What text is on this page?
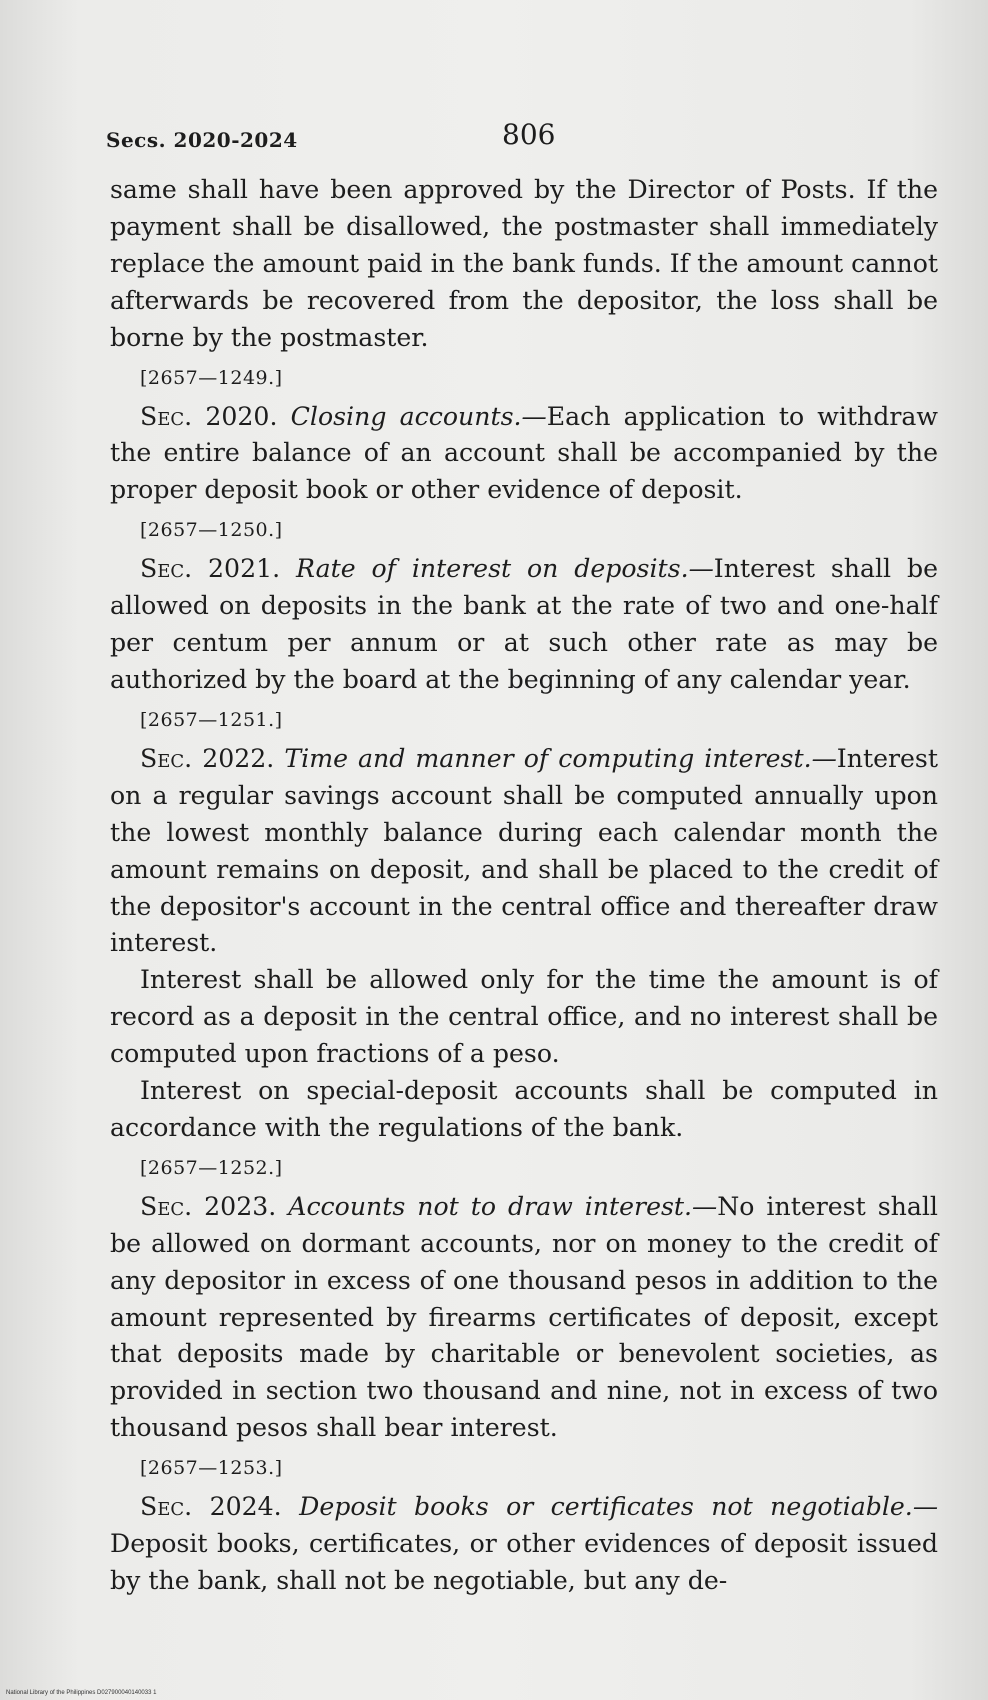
Secs. 2020-2024	806

same shall have been approved by the Director of Posts. If the payment shall be disallowed, the postmaster shall immediately replace the amount paid in the bank funds. If the amount cannot afterwards be recovered from the depositor, the loss shall be borne by the postmaster.

[2657—1249.]

Sec. 2020. Closing accounts.—Each application to withdraw the entire balance of an account shall be accompanied by the proper deposit book or other evidence of deposit.

[2657—1250.]

Sec. 2021. Rate of interest on deposits.—Interest shall be allowed on deposits in the bank at the rate of two and one-half per centum per annum or at such other rate as may be authorized by the board at the beginning of any calendar year.

[2657—1251.]

Sec. 2022. Time and manner of computing interest.—Interest on a regular savings account shall be computed annually upon the lowest monthly balance during each calendar month the amount remains on deposit, and shall be placed to the credit of the depositor's account in the central office and thereafter draw interest.

Interest shall be allowed only for the time the amount is of record as a deposit in the central office, and no interest shall be computed upon fractions of a peso.

Interest on special-deposit accounts shall be computed in accordance with the regulations of the bank.

[2657—1252.]

Sec. 2023. Accounts not to draw interest.—No interest shall be allowed on dormant accounts, nor on money to the credit of any depositor in excess of one thousand pesos in addition to the amount represented by firearms certificates of deposit, except that deposits made by charitable or benevolent societies, as provided in section two thousand and nine, not in excess of two thousand pesos shall bear interest.

[2657—1253.]

Sec. 2024. Deposit books or certificates not negotiable.—Deposit books, certificates, or other evidences of deposit issued by the bank, shall not be negotiable, but any de-

National Library of the Philippines D027900040140033 1
